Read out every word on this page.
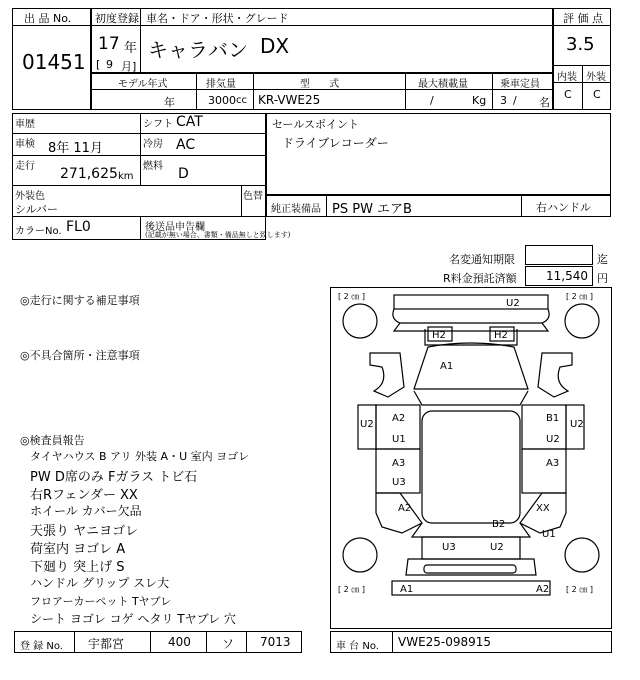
出 品 No.
01451
初度登録 車名・ドア・形状・グレード
17 年
[ 9 月]
キャラバン DX
評 価 点
3.5
内装 外装
C C
モデル年式	排気量	型      式	最大積載量	乗車定員
年	3000 cc KR-VWE25	/	Kg 3 / 名
車歴	シフト CAT
車検 8年 11月	冷房 AC
走行 271,625 km
燃料 D
外装色
シルバー
色替
カラーNo. FL0	後送品申告欄
(記載が無い場合、書類・備品無しと致します)
セールスポイント
ドライブレコーダー
純正装備品 PS PW エアB	右ハンドル
名変通知期限	迄
R料金預託済額 11,540 円
◎走行に関する補足事項
◎不具合箇所・注意事項
◎検査員報告
タイヤハウス B アリ 外装 A・U 室内 ヨゴレ
PW D席のみ Fガラス トビ石
右Rフェンダー XX
ホイール カバー欠品
天張り ヤニヨゴレ
荷室内 ヨゴレ A
下廻り 突上げ S
ハンドル グリップ スレ大
フロアーカーペット Tヤブレ
シート ヨゴレ コゲ ヘタリ Tヤブレ 穴
[ 2 ㎝ ]	[ 2 ㎝ ]
[ 2 ㎝ ]	[ 2 ㎝ ]
U2
H2	H2
A1
U2
A2
U1
B1
U2
U2
A3
U3
A3
A2	XX
U1
B2
U3	U2
A1	A2
登 録 No. 宇都宮	400	ソ 7013	車 台 No. VWE25-098915
